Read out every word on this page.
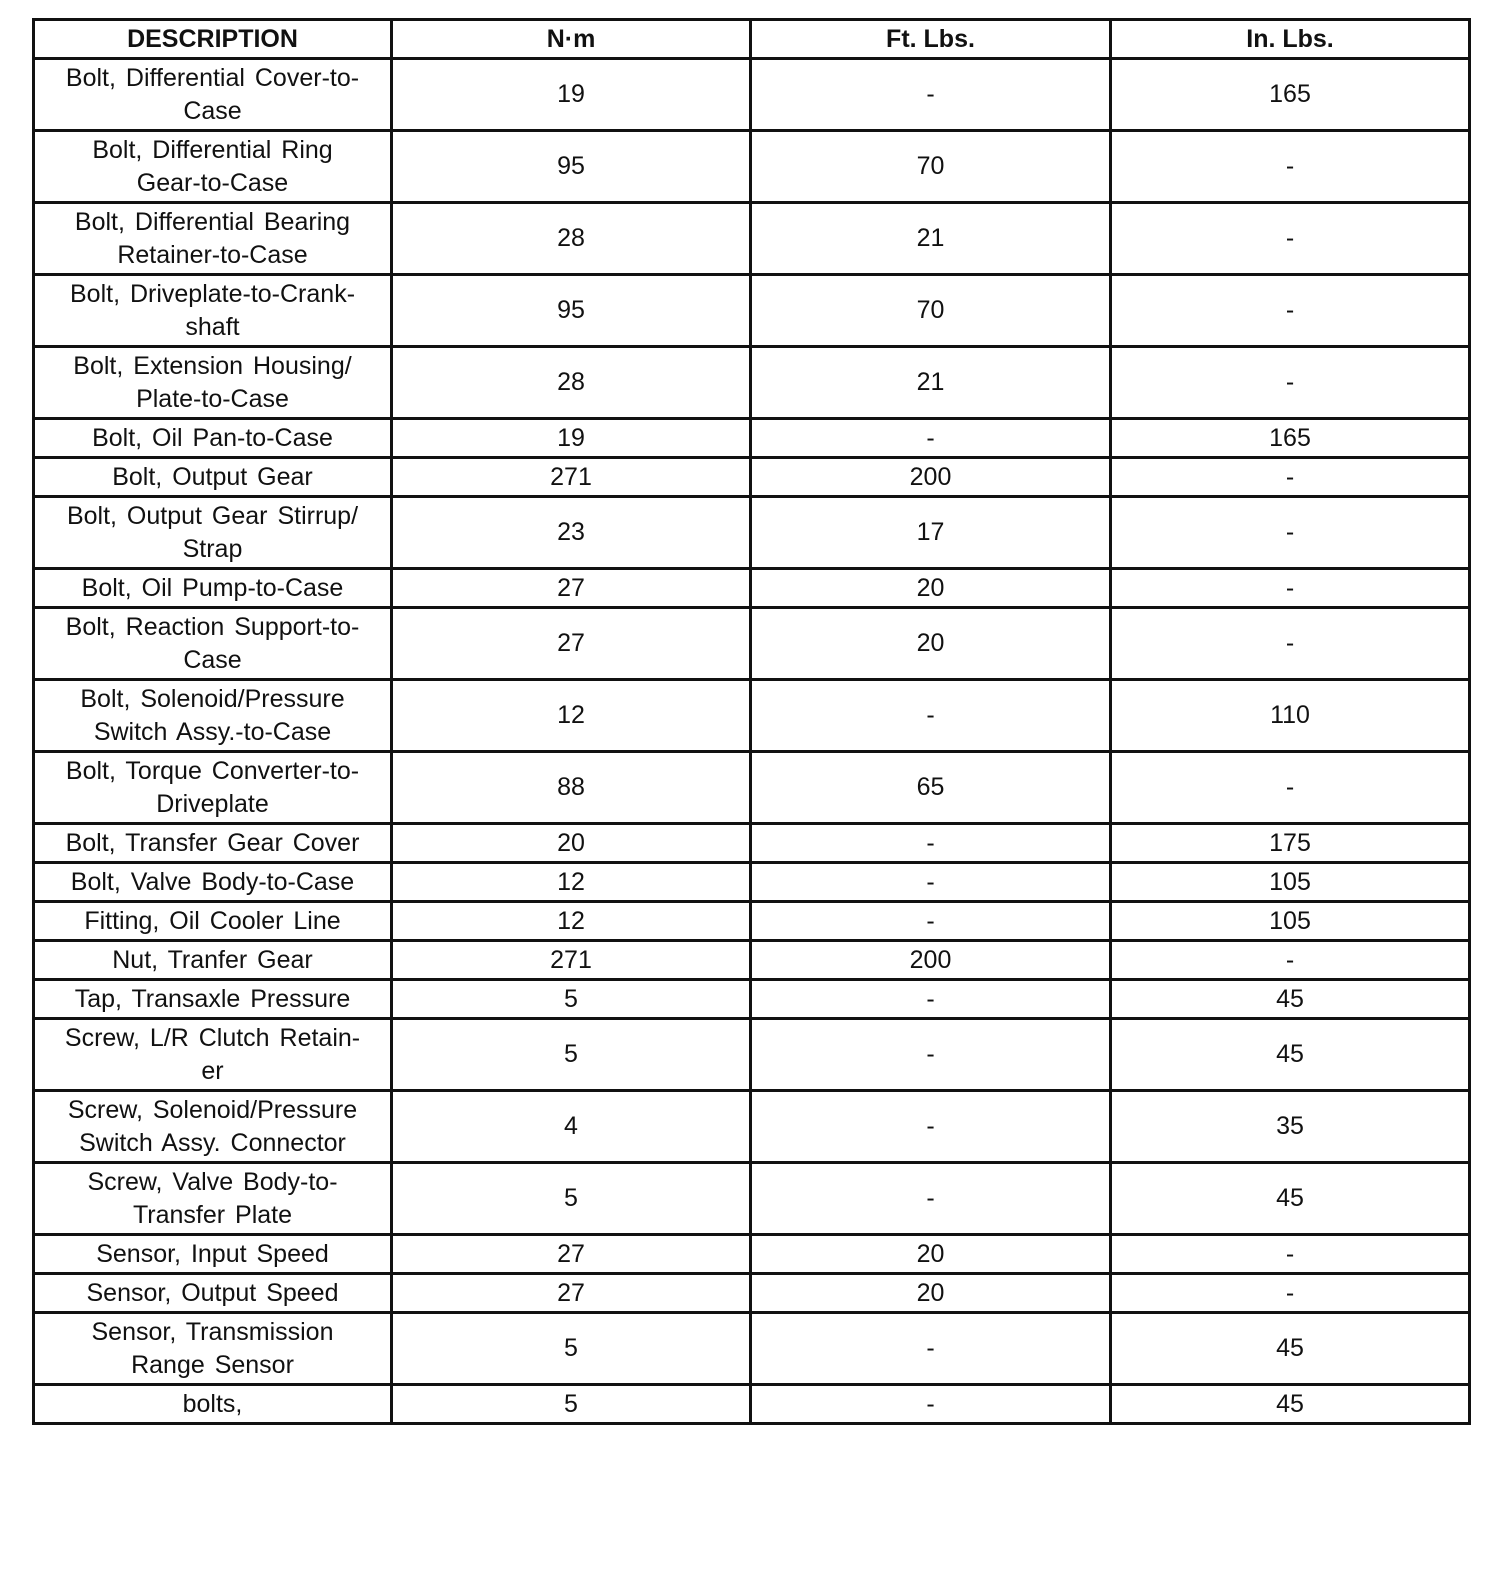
DESCRIPTION	N·m	Ft. Lbs.	In. Lbs.
Bolt, Differential Cover-to-
Case	19	-	165
Bolt, Differential Ring
Gear-to-Case	95	70	-
Bolt, Differential Bearing
Retainer-to-Case	28	21	-
Bolt, Driveplate-to-Crank-
shaft	95	70	-
Bolt, Extension Housing/
Plate-to-Case	28	21	-
Bolt, Oil Pan-to-Case	19	-	165
Bolt, Output Gear	271	200	-
Bolt, Output Gear Stirrup/
Strap	23	17	-
Bolt, Oil Pump-to-Case	27	20	-
Bolt, Reaction Support-to-
Case	27	20	-
Bolt, Solenoid/Pressure
Switch Assy.-to-Case	12	-	110
Bolt, Torque Converter-to-
Driveplate	88	65	-
Bolt, Transfer Gear Cover	20	-	175
Bolt, Valve Body-to-Case	12	-	105
Fitting, Oil Cooler Line	12	-	105
Nut, Tranfer Gear	271	200	-
Tap, Transaxle Pressure	5	-	45
Screw, L/R Clutch Retain-
er	5	-	45
Screw, Solenoid/Pressure
Switch Assy. Connector	4	-	35
Screw, Valve Body-to-
Transfer Plate	5	-	45
Sensor, Input Speed	27	20	-
Sensor, Output Speed	27	20	-
Sensor, Transmission
Range Sensor	5	-	45
bolts,	5	-	45
